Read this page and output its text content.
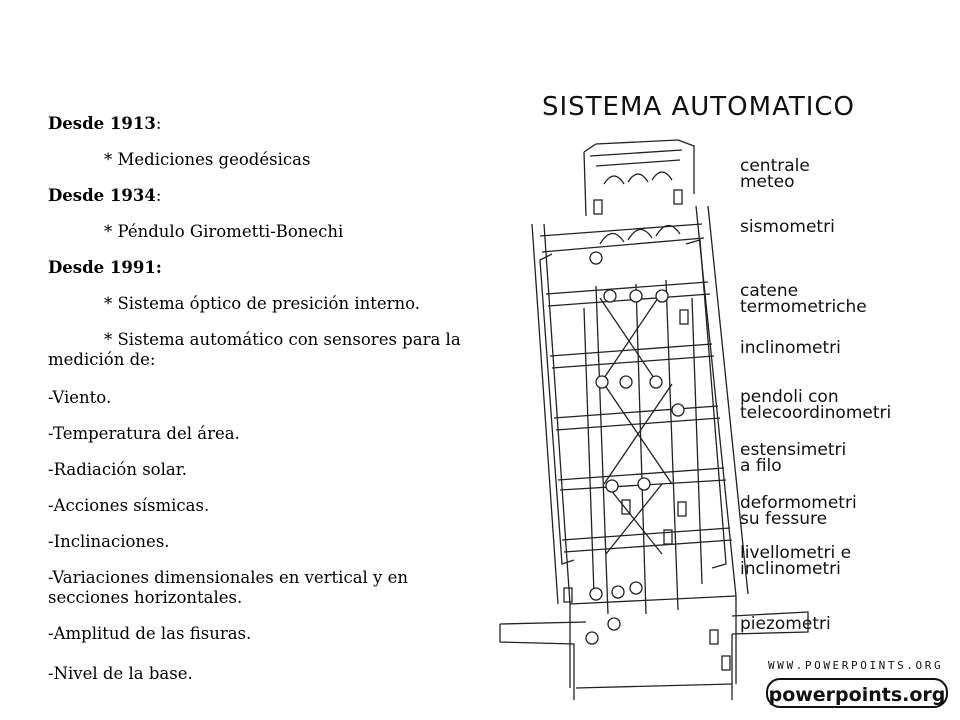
Desde 1913:
* Mediciones geodésicas
Desde 1934:
* Péndulo Girometti-Bonechi
Desde 1991:
* Sistema óptico de presición interno.
* Sistema automático con sensores para la medición de:
-Viento.
-Temperatura del área.
-Radiación solar.
-Acciones sísmicas.
-Inclinaciones.
-Variaciones dimensionales en vertical y en secciones horizontales.
-Amplitud de las fisuras.
-Nivel de la base.
SISTEMA AUTOMATICO
centrale
meteo
sismometri
catene
termometriche
inclinometri
pendoli con
telecoordinometri
estensimetri
a filo
deformometri
su fessure
livellometri e
inclinometri
piezometri
WWW.POWERPOINTS.ORG
powerpoints.org
